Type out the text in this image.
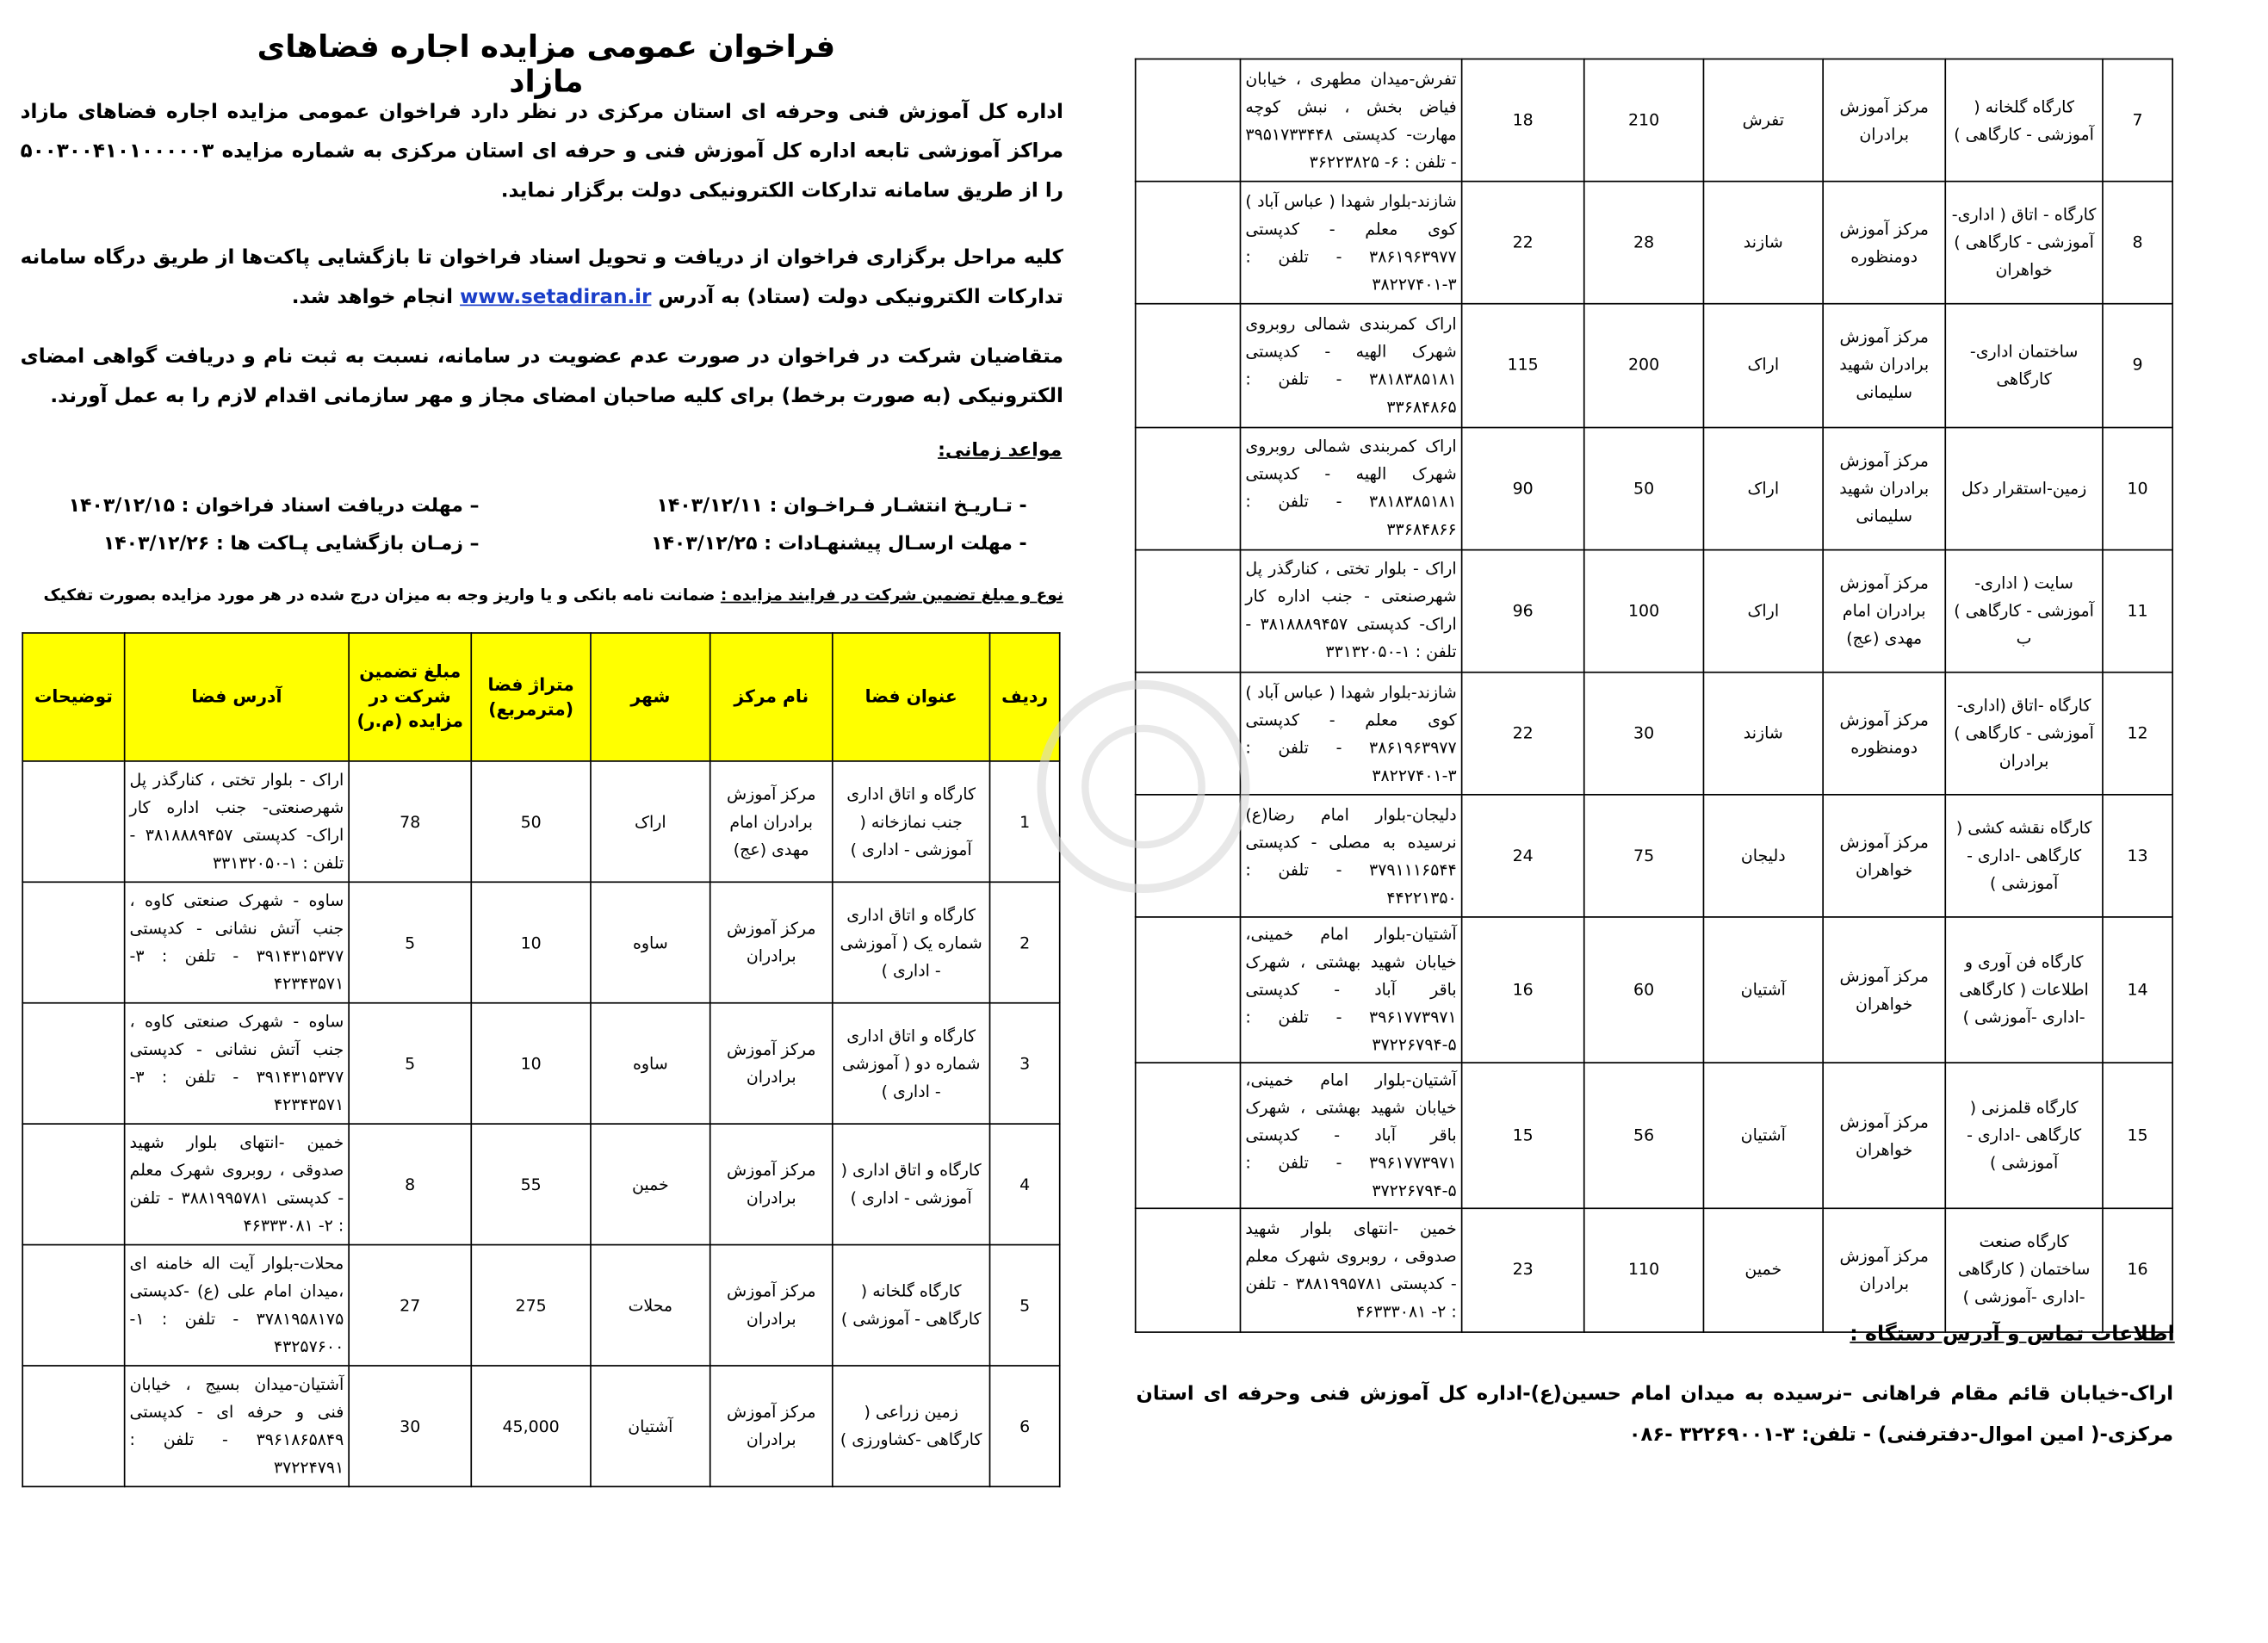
فراخوان عمومی مزایده اجاره فضاهای مازاد
اداره کل آموزش فنی وحرفه ای استان مرکزی در نظر دارد فراخوان عمومی مزایده اجاره فضاهای مازاد مراکز آموزشی تابعه اداره کل آموزش فنی و حرفه ای استان مرکزی به شماره مزایده ۵۰۰۳۰۰۴۱۰۱۰۰۰۰۰۳ را از طریق سامانه تدارکات الکترونیکی دولت برگزار نماید.
کلیه مراحل برگزاری فراخوان از دریافت و تحویل اسناد فراخوان تا بازگشایی پاکت‌ها از طریق درگاه سامانه تدارکات الکترونیکی دولت (ستاد) به آدرس www.setadiran.ir انجام خواهد شد.
متقاضیان شرکت در فراخوان در صورت عدم عضویت در سامانه، نسبت به ثبت نام و دریافت گواهی امضای الکترونیکی (به صورت برخط) برای کلیه صاحبان امضای مجاز و مهر سازمانی اقدام لازم را به عمل آورند.
مواعد زمانی:
- تـاریـخ انتشـار فـراخـوان : ۱۴۰۳/۱۲/۱۱
– مهلت دریافت اسناد فراخوان : ۱۴۰۳/۱۲/۱۵
- مهلت ارسـال پیشنهـادات : ۱۴۰۳/۱۲/۲۵
– زمـان بازگشایی پـاکت ها : ۱۴۰۳/۱۲/۲۶
نوع و مبلغ تضمین شرکت در فرایند مزایده : ضمانت نامه بانکی و یا واریز وجه به میزان درج شده در هر مورد مزایده بصورت تفکیک
ردیف	عنوان فضا	نام مرکز	شهر	متراژ فضا (مترمربع)	مبلغ تضمین شرکت در مزایده (م.ر)	آدرس فضا	توضیحات
1	کارگاه و اتاق اداری جنب نمازخانه ( آموزشی - اداری )	مرکز آموزش برادران امام مهدی (عج)	اراک	50	78	اراک - بلوار تختی ، کنارگذر پل شهرصنعتی- جنب اداره کار اراک- کدپستی ۳۸۱۸۸۸۹۴۵۷ - تلفن : ۱-۳۳۱۳۲۰۵۰	
2	کارگاه و اتاق اداری شماره یک ( آموزشی - اداری )	مرکز آموزش برادران	ساوه	10	5	ساوه - شهرک صنعتی کاوه ، جنب آتش نشانی - کدپستی ۳۹۱۴۳۱۵۳۷۷ - تلفن : ۳- ۴۲۳۴۳۵۷۱	
3	کارگاه و اتاق اداری شماره دو ( آموزشی - اداری )	مرکز آموزش برادران	ساوه	10	5	ساوه - شهرک صنعتی کاوه ، جنب آتش نشانی - کدپستی ۳۹۱۴۳۱۵۳۷۷ - تلفن : ۳- ۴۲۳۴۳۵۷۱	
4	کارگاه و اتاق اداری ( آموزشی - اداری )	مرکز آموزش برادران	خمین	55	8	خمین -انتهای بلوار شهید صدوقی ، روبروی شهرک معلم - کدپستی ۳۸۸۱۹۹۵۷۸۱ - تلفن : ۲- ۴۶۳۳۳۰۸۱	
5	کارگاه گلخانه ( کارگاهی - آموزشی )	مرکز آموزش برادران	محلات	275	27	محلات-بلوار آیت اله خامنه ای ،میدان امام علی (ع) -کدپستی ۳۷۸۱۹۵۸۱۷۵ - تلفن : ۱- ۴۳۲۵۷۶۰۰	
6	زمین زراعی ( کارگاهی -کشاورزی )	مرکز آموزش برادران	آشتیان	45,000	30	آشتیان-میدان بسیج ، خیابان فنی و حرفه ای - کدپستی ۳۹۶۱۸۶۵۸۴۹ - تلفن : ۳۷۲۲۴۷۹۱	
7	کارگاه گلخانه ( آموزشی - کارگاهی )	مرکز آموزش برادران	تفرش	210	18	تفرش-میدان مطهری ، خیابان فیاض بخش ، نبش کوچه مهارت- کدپستی ۳۹۵۱۷۳۳۴۴۸ - تلفن : ۶- ۳۶۲۲۳۸۲۵	
8	کارگاه - اتاق ( اداری- آموزشی - کارگاهی ) خواهران	مرکز آموزش دومنظوره	شازند	28	22	شازند-بلوار شهدا ( عباس آباد ) کوی معلم - کدپستی ۳۸۶۱۹۶۳۹۷۷ - تلفن : ۳-۳۸۲۲۷۴۰۱	
9	ساختمان اداری- کارگاهی	مرکز آموزش برادران شهید سلیمانی	اراک	200	115	اراک کمربندی شمالی روبروی شهرک الهیه - کدپستی ۳۸۱۸۳۸۵۱۸۱ - تلفن : ۳۳۶۸۴۸۶۵	
10	زمین-استقرار دکل	مرکز آموزش برادران شهید سلیمانی	اراک	50	90	اراک کمربندی شمالی روبروی شهرک الهیه - کدپستی ۳۸۱۸۳۸۵۱۸۱ - تلفن : ۳۳۶۸۴۸۶۶	
11	سایت ( اداری- آموزشی - کارگاهی ) ب	مرکز آموزش برادران امام مهدی (عج)	اراک	100	96	اراک - بلوار تختی ، کنارگذر پل شهرصنعتی - جنب اداره کار اراک- کدپستی ۳۸۱۸۸۸۹۴۵۷ - تلفن : ۱-۳۳۱۳۲۰۵۰	
12	کارگاه -اتاق (اداری- آموزشی - کارگاهی ) برادران	مرکز آموزش دومنظوره	شازند	30	22	شازند-بلوار شهدا ( عباس آباد ) کوی معلم - کدپستی ۳۸۶۱۹۶۳۹۷۷ - تلفن : ۳-۳۸۲۲۷۴۰۱	
13	کارگاه نقشه کشی ( کارگاهی -اداری - آموزشی )	مرکز آموزش خواهران	دلیجان	75	24	دلیجان-بلوار امام رضا(ع) نرسیده به مصلی - کدپستی ۳۷۹۱۱۱۶۵۴۴ - تلفن : ۴۴۲۲۱۳۵۰	
14	کارگاه فن آوری و اطلاعات ( کارگاهی -اداری -آموزشی )	مرکز آموزش خواهران	آشتیان	60	16	آشتیان-بلوار امام خمینی، خیابان شهید بهشتی ، شهرک باقر آباد - کدپستی ۳۹۶۱۷۷۳۹۷۱ - تلفن : ۵-۳۷۲۲۶۷۹۴	
15	کارگاه قلمزنی ( کارگاهی -اداری - آموزشی )	مرکز آموزش خواهران	آشتیان	56	15	آشتیان-بلوار امام خمینی، خیابان شهید بهشتی ، شهرک باقر آباد - کدپستی ۳۹۶۱۷۷۳۹۷۱ - تلفن : ۵-۳۷۲۲۶۷۹۴	
16	کارگاه صنعت ساختمان ( کارگاهی -اداری -آموزشی )	مرکز آموزش برادران	خمین	110	23	خمین -انتهای بلوار شهید صدوقی ، روبروی شهرک معلم - کدپستی ۳۸۸۱۹۹۵۷۸۱ - تلفن : ۲- ۴۶۳۳۳۰۸۱	
اطلاعات تماس و آدرس دستگاه :
اراک-خیابان قائم مقام فراهانی –نرسیده به میدان امام حسین(ع)-اداره کل آموزش فنی وحرفه ای استان مرکزی-( امین اموال-دفترفنی) - تلفن: ۳-۳۲۲۶۹۰۰۱ -۰۸۶
